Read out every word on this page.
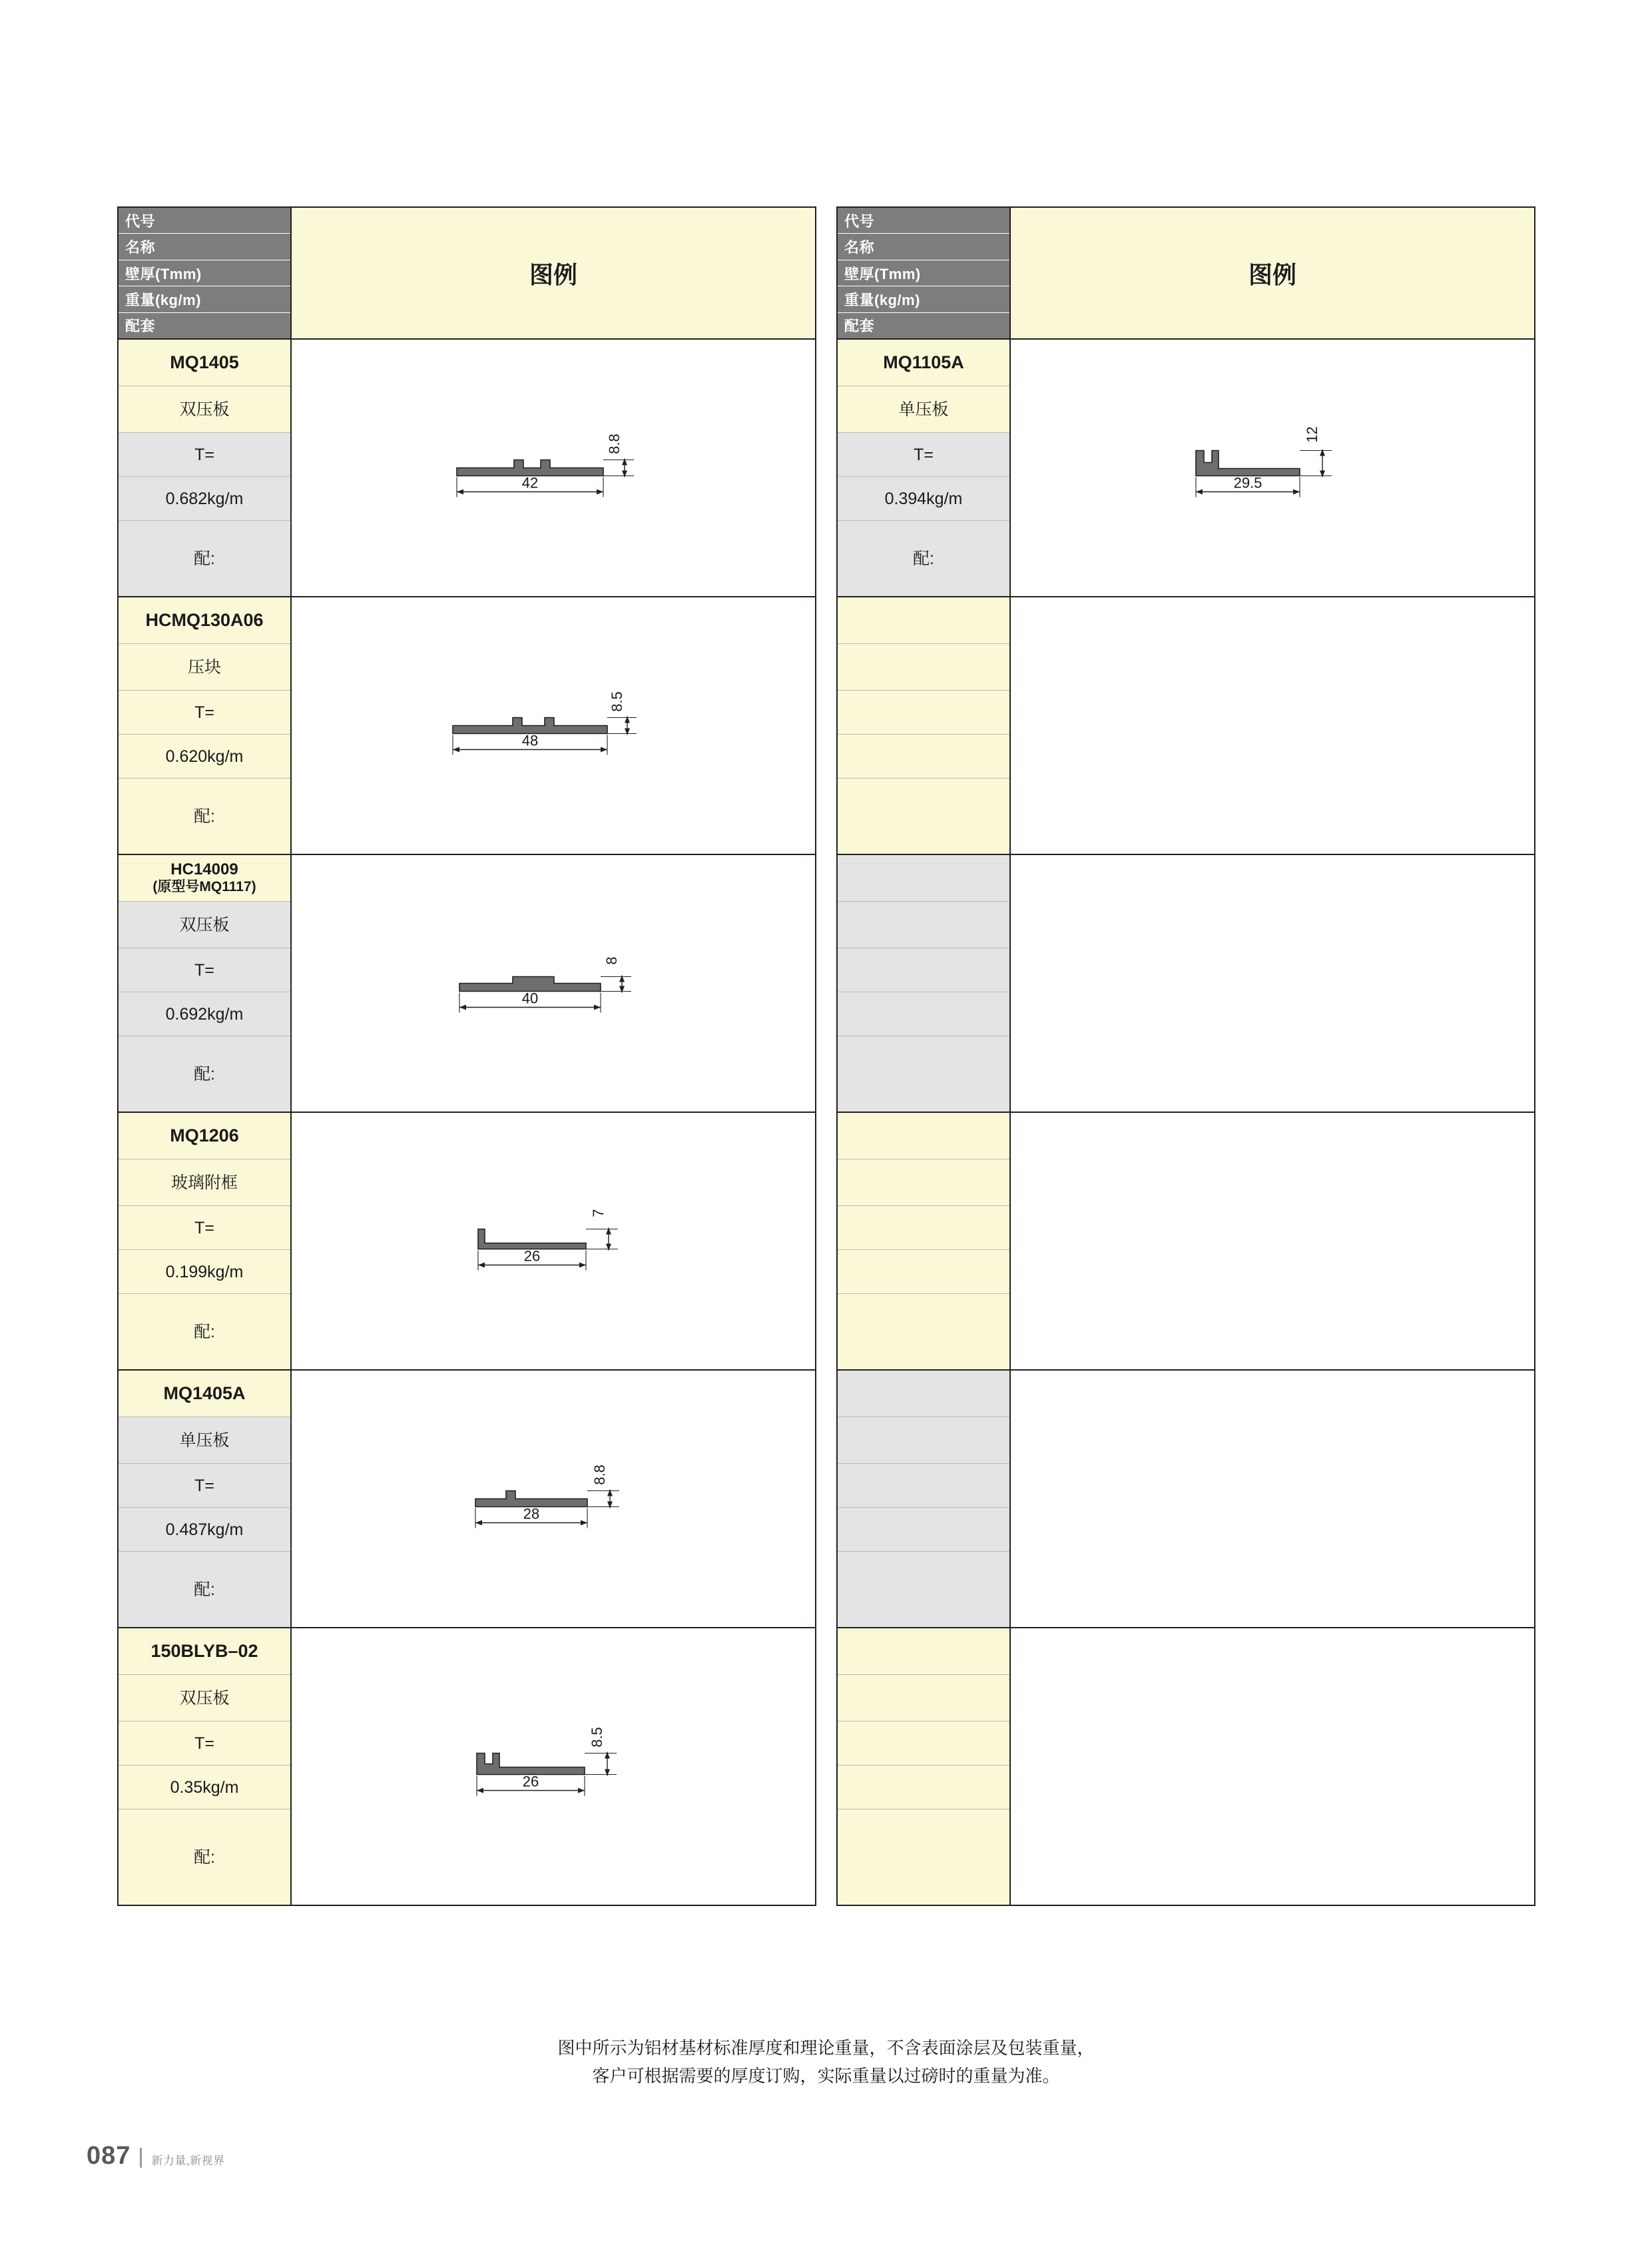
代号
名称
壁厚(Tmm)
重量(kg/m)
配套
图例
MQ1405
双压板
T=
0.682kg/m
配:
42
8.8
HCMQ130A06
压块
T=
0.620kg/m
配:
48
8.5
HC14009
(原型号MQ1117)
双压板
T=
0.692kg/m
配:
40
8
MQ1206
玻璃附框
T=
0.199kg/m
配:
26
7
MQ1405A
单压板
T=
0.487kg/m
配:
28
8.8
150BLYB–02
双压板
T=
0.35kg/m
配:
26
8.5
代号
名称
壁厚(Tmm)
重量(kg/m)
配套
图例
MQ1105A
单压板
T=
0.394kg/m
配:
29.5
12
图中所示为铝材基材标准厚度和理论重量，不含表面涂层及包装重量，
客户可根据需要的厚度订购，实际重量以过磅时的重量为准。
087 新力量,新视界
